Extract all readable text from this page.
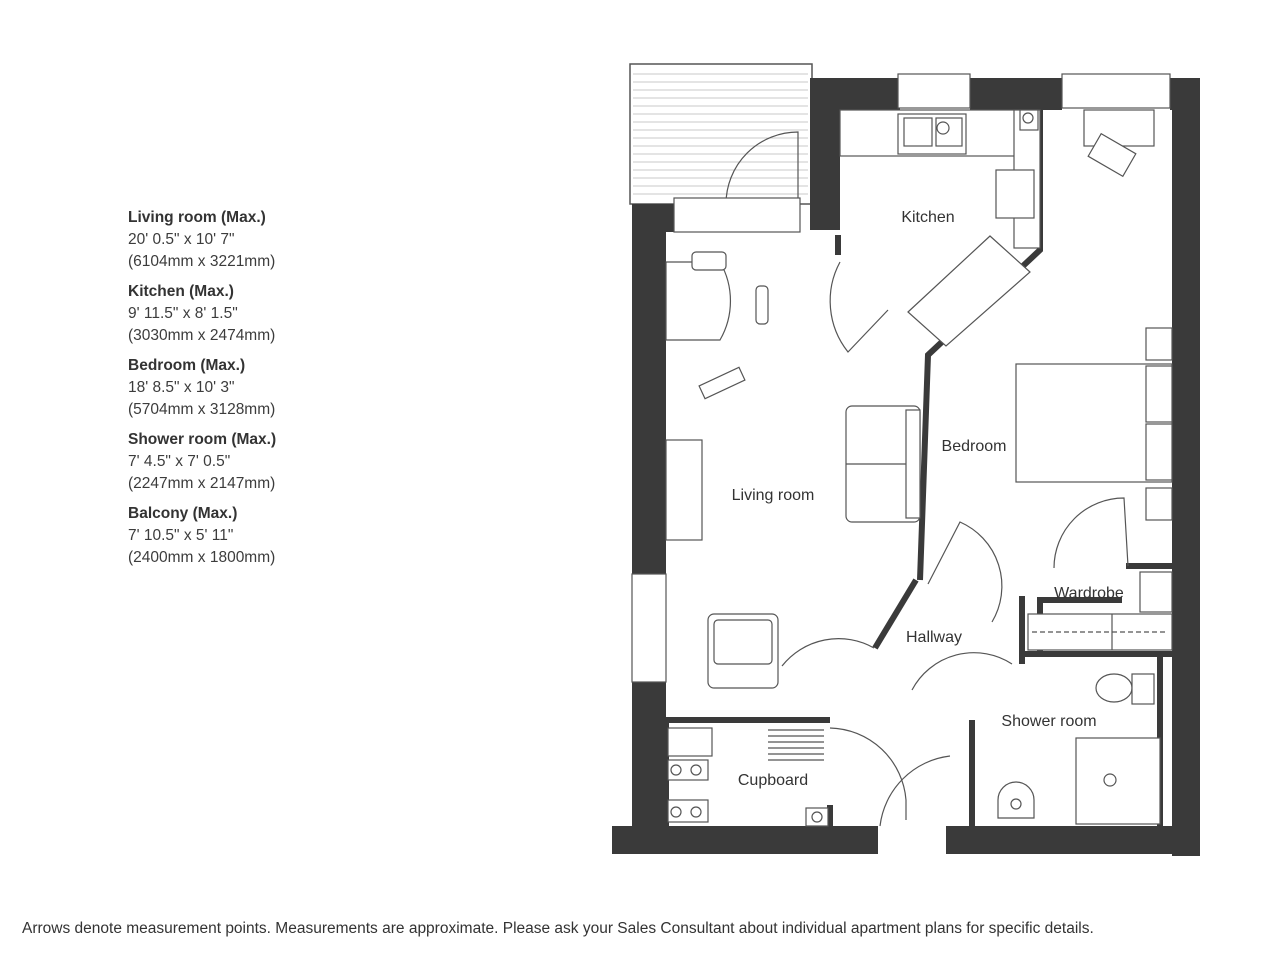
Living room (Max.)
20' 0.5" x 10' 7"
(6104mm x 3221mm)
Kitchen (Max.)
9' 11.5" x 8' 1.5"
(3030mm x 2474mm)
Bedroom (Max.)
18' 8.5" x 10' 3"
(5704mm x 3128mm)
Shower room (Max.)
7' 4.5" x 7' 0.5"
(2247mm x 2147mm)
Balcony (Max.)
7' 10.5" x 5' 11"
(2400mm x 1800mm)
Kitchen
Bedroom
Living room
Hallway
Wardrobe
Shower room
Cupboard
Arrows denote measurement points. Measurements are approximate. Please ask your Sales Consultant about individual apartment plans for specific details.
